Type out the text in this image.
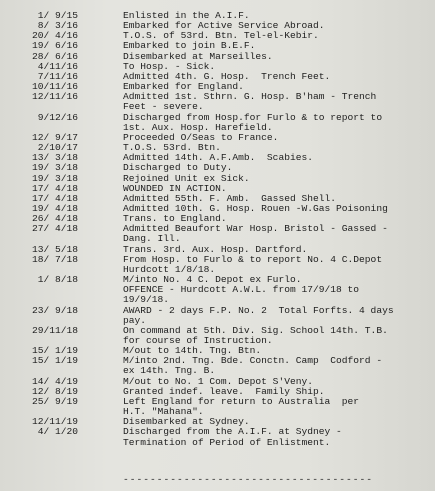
1/ 9/15	Enlisted in the A.I.F.
8/ 3/16	Embarked for Active Service Abroad.
20/ 4/16	T.O.S. of 53rd. Btn. Tel-el-Kebir.
19/ 6/16	Embarked to join B.E.F.
28/ 6/16	Disembarked at Marseilles.
4/11/16	To Hosp. - Sick.
7/11/16	Admitted 4th. G. Hosp.  Trench Feet.
10/11/16	Embarked for England.
12/11/16	Admitted 1st. Sthrn. G. Hosp. B'ham - Trench
Feet - severe.
9/12/16	Discharged from Hosp.for Furlo & to report to
1st. Aux. Hosp. Harefield.
12/ 9/17	Proceeded O/Seas to France.
2/10/17	T.O.S. 53rd. Btn.
13/ 3/18	Admitted 14th. A.F.Amb.  Scabies.
19/ 3/18	Discharged to Duty.
19/ 3/18	Rejoined Unit ex Sick.
17/ 4/18	WOUNDED IN ACTION.
17/ 4/18	Admitted 55th. F. Amb.  Gassed Shell.
19/ 4/18	Admitted 10th. G. Hosp. Rouen -W.Gas Poisoning
26/ 4/18	Trans. to England.
27/ 4/18	Admitted Beaufort War Hosp. Bristol - Gassed -
Dang. Ill.
13/ 5/18	Trans. 3rd. Aux. Hosp. Dartford.
18/ 7/18	From Hosp. to Furlo & to report No. 4 C.Depot
Hurdcott 1/8/18.
1/ 8/18	M/into No. 4 C. Depot ex Furlo.
OFFENCE - Hurdcott A.W.L. from 17/9/18 to
19/9/18.
23/ 9/18	AWARD - 2 days F.P. No. 2  Total Forfts. 4 days
pay.
29/11/18	On command at 5th. Div. Sig. School 14th. T.B.
for course of Instruction.
15/ 1/19	M/out to 14th. Tng. Btn.
15/ 1/19	M/into 2nd. Tng. Bde. Conctn. Camp  Codford -
ex 14th. Tng. B.
14/ 4/19	M/out to No. 1 Com. Depot S'Veny.
12/ 8/19	Granted indef. leave.  Family Ship.
25/ 9/19	Left England for return to Australia  per
H.T. "Mahana".
12/11/19	Disembarked at Sydney.
4/ 1/20	Discharged from the A.I.F. at Sydney -
Termination of Period of Enlistment.
-------------------------------------
